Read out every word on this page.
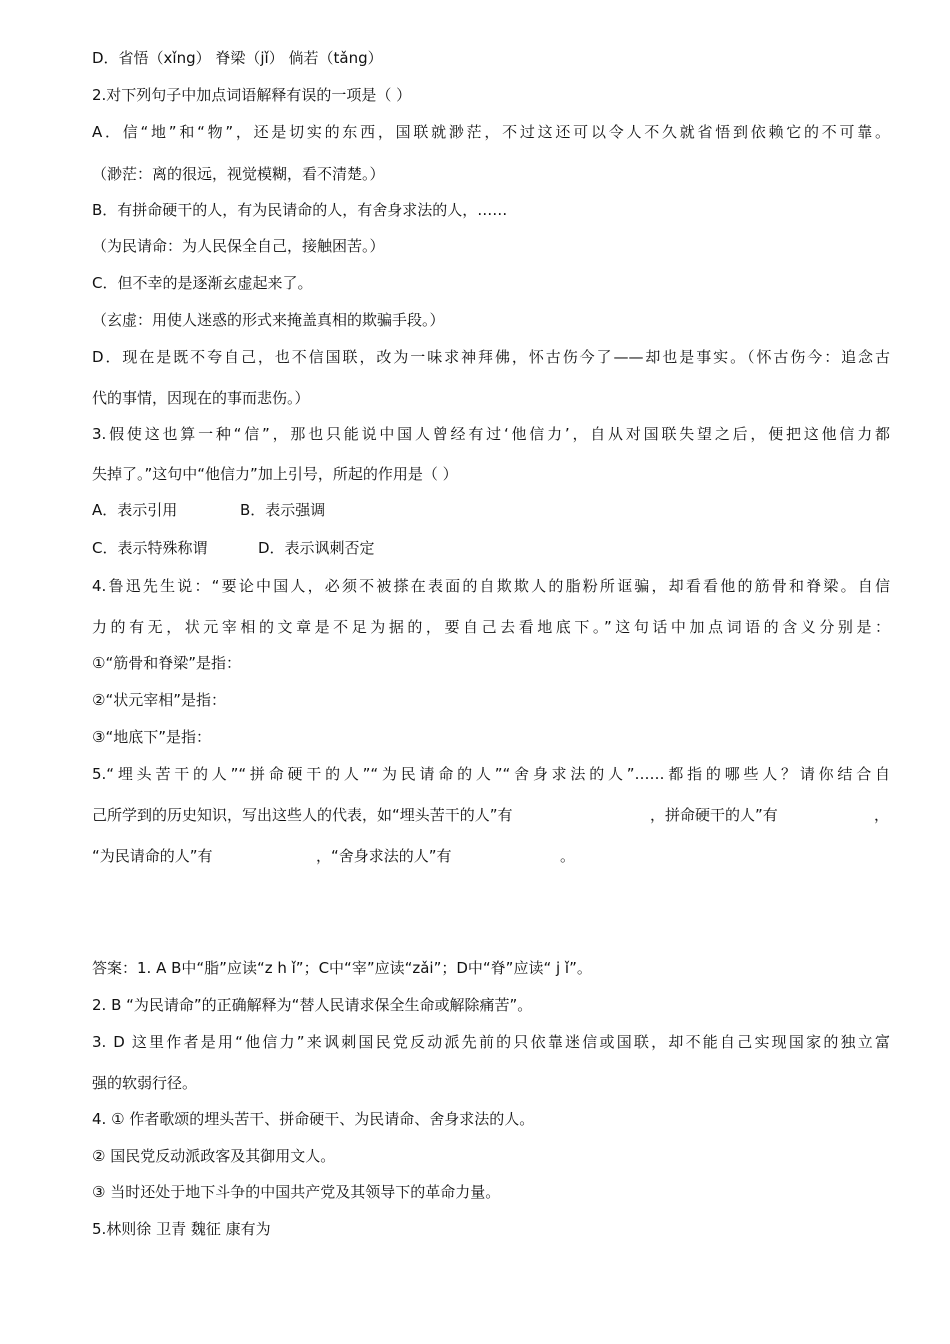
D．省悟（xǐng） 脊梁（jǐ） 倘若（tǎng）
2.对下列句子中加点词语解释有误的一项是（ ）
A．信“地”和“物”，还是切实的东西，国联就渺茫，不过这还可以令人不久就省悟到依赖它的不可靠。
（渺茫：离的很远，视觉模糊，看不清楚。）
B．有拼命硬干的人，有为民请命的人，有舍身求法的人，……
（为民请命：为人民保全自己，接触困苦。）
C．但不幸的是逐渐玄虚起来了。
（玄虚：用使人迷惑的形式来掩盖真相的欺骗手段。）
D．现在是既不夸自己，也不信国联，改为一味求神拜佛，怀古伤今了——却也是事实。（怀古伤今：追念古
代的事情，因现在的事而悲伤。）
3.假使这也算一种“信”，那也只能说中国人曾经有过‘他信力’，自从对国联失望之后，便把这他信力都
失掉了。”这句中“他信力”加上引号，所起的作用是（ ）
A．表示引用	B．表示强调
C．表示特殊称谓	D．表示讽刺否定
4.鲁迅先生说：“要论中国人，必须不被搽在表面的自欺欺人的脂粉所诓骗，却看看他的筋骨和脊梁。自信
力的有无，状元宰相的文章是不足为据的，要自己去看地底下。”这句话中加点词语的含义分别是：
①“筋骨和脊梁”是指：
②“状元宰相”是指：
③“地底下”是指：
5.“埋头苦干的人”“拼命硬干的人”“为民请命的人”“舍身求法的人”……都指的哪些人？请你结合自
己所学到的历史知识，写出这些人的代表，如“埋头苦干的人”有	，拼命硬干的人”有	，
“为民请命的人”有	，“舍身求法的人”有	。
答案：1. A B中“脂”应读“z h ǐ”；C中“宰”应读“zǎi”；D中“脊”应读“ j ǐ”。
2. B “为民请命”的正确解释为“替人民请求保全生命或解除痛苦”。
3. D 这里作者是用“他信力”来讽刺国民党反动派先前的只依靠迷信或国联，却不能自己实现国家的独立富
强的软弱行径。
4. ① 作者歌颂的埋头苦干、拼命硬干、为民请命、舍身求法的人。
② 国民党反动派政客及其御用文人。
③ 当时还处于地下斗争的中国共产党及其领导下的革命力量。
5.林则徐 卫青 魏征 康有为
